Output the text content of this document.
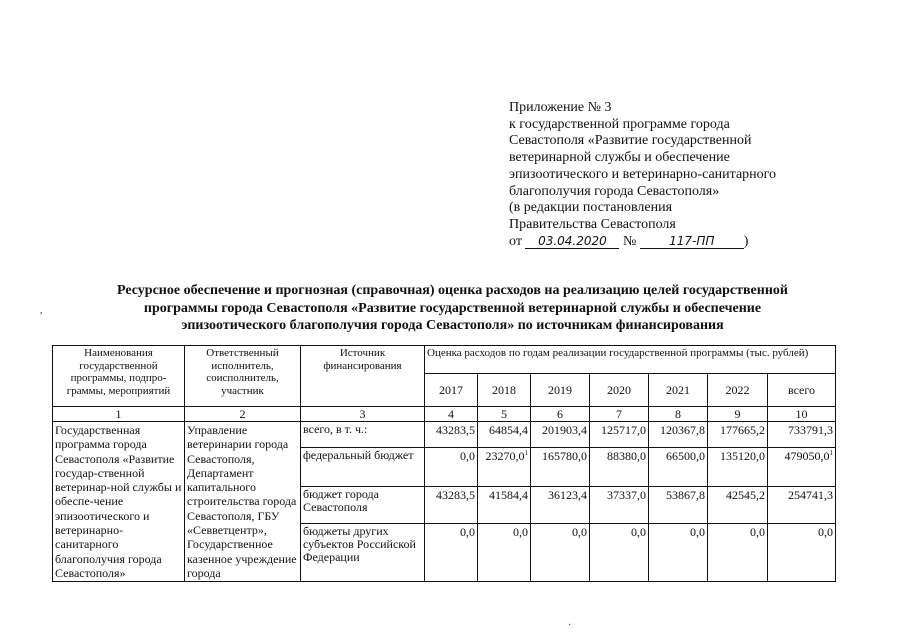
Приложение № 3
к государственной программе города
Севастополя «Развитие государственной
ветеринарной службы и обеспечение
эпизоотического и ветеринарно-санитарного
благополучия города Севастополя»
(в редакции постановления
Правительства Севастополя
от 03.04.2020 №	117-ПП )
Ресурсное обеспечение и прогнозная (справочная) оценка расходов на реализацию целей государственной
программы города Севастополя «Развитие государственной ветеринарной службы и обеспечение
эпизоотического благополучия города Севастополя» по источникам финансирования
,
Наименования государственной программы, подпро-граммы, мероприятий	Ответственный исполнитель, соисполнитель, участник	Источник финансирования	Оценка расходов по годам реализации государственной программы (тыс. рублей)						
			2017	2018	2019	2020	2021	2022	всего
1	2	3	4	5	6	7	8	9	10
Государственная программа города Севастополя «Развитие государ-ственной ветеринар-ной службы и обеспе-чение эпизоотического и ветеринарно-санитарного благополучия города Севастополя»	Управление ветеринарии города Севастополя, Департамент капитального строительства города Севастополя, ГБУ «Севветцентр», Государственное казенное учреждение города	всего, в т. ч.:	43283,5	64854,4	201903,4	125717,0	120367,8	177665,2	733791,3
		федеральный бюджет	0,0	23270,0$^1$	165780,0	88380,0	66500,0	135120,0	479050,0$^1$
		бюджет города Севастополя	43283,5	41584,4	36123,4	37337,0	53867,8	42545,2	254741,3
		бюджеты других субъектов Российской Федерации	0,0	0,0	0,0	0,0	0,0	0,0	0,0
·
